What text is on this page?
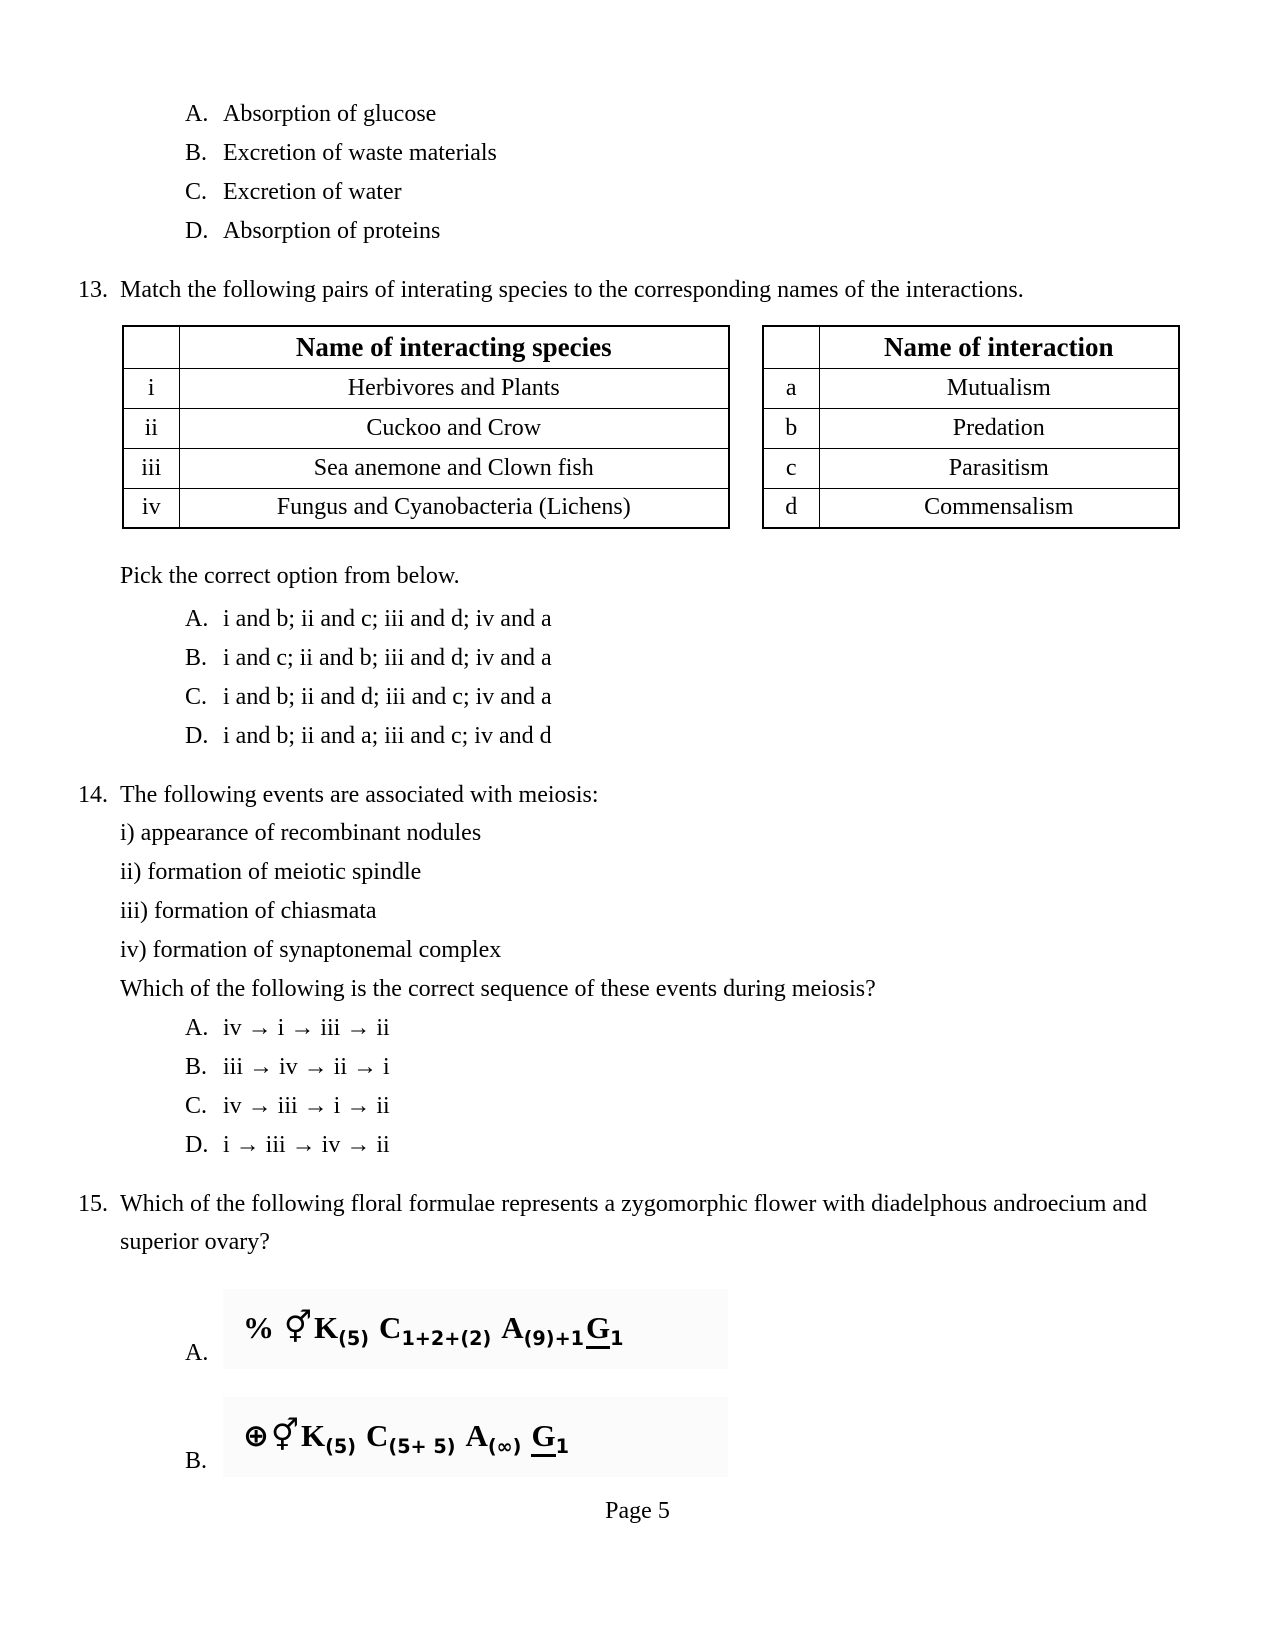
A. Absorption of glucose
B. Excretion of waste materials
C. Excretion of water
D. Absorption of proteins
13. Match the following pairs of interating species to the corresponding names of the interactions.
	Name of interacting species
i	Herbivores and Plants
ii	Cuckoo and Crow
iii	Sea anemone and Clown fish
iv	Fungus and Cyanobacteria (Lichens)
	Name of interaction
a	Mutualism
b	Predation
c	Parasitism
d	Commensalism
Pick the correct option from below.
A. i and b; ii and c; iii and d; iv and a
B. i and c; ii and b; iii and d; iv and a
C. i and b; ii and d; iii and c; iv and a
D. i and b; ii and a; iii and c; iv and d
14. The following events are associated with meiosis:
i) appearance of recombinant nodules
ii) formation of meiotic spindle
iii) formation of chiasmata
iv) formation of synaptonemal complex
Which of the following is the correct sequence of these events during meiosis?
A. iv → i → iii → ii
B. iii → iv → ii → i
C. iv → iii → i → ii
D. i → iii → iv → ii
15. Which of the following floral formulae represents a zygomorphic flower with diadelphous androecium and superior ovary?
A.
% $⚥K_{(5)}$ $C_{1+2+(2)}$ $A_{(9)+1}G_1$
B.
$\oplus⚥K_{(5)}$ $C_{(5+ 5)}$ $A_{(\infty)}$ $G_1$
Page 5
